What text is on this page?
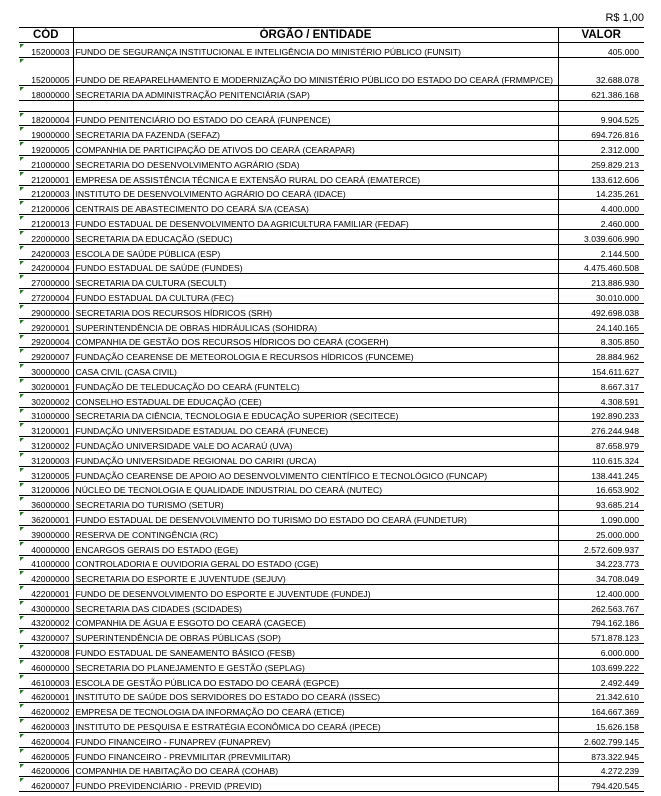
R$ 1,00
CÓD	ÓRGÃO / ENTIDADE	VALOR
15200003	FUNDO DE SEGURANÇA INSTITUCIONAL E INTELIGÊNCIA DO MINISTÉRIO PÚBLICO (FUNSIT)	405.000
15200005	FUNDO DE REAPARELHAMENTO E MODERNIZAÇÃO DO MINISTÉRIO PÚBLICO DO ESTADO DO CEARÁ (FRMMP/CE)	32.688.078
18000000	SECRETARIA DA ADMINISTRAÇÃO PENITENCIÁRIA (SAP)	621.386.168

18200004	FUNDO PENITENCIÁRIO DO ESTADO DO CEARÁ (FUNPENCE)	9.904.525
19000000	SECRETARIA DA FAZENDA (SEFAZ)	694.726.816
19200005	COMPANHIA DE PARTICIPAÇÃO DE ATIVOS DO CEARÁ (CEARAPAR)	2.312.000
21000000	SECRETARIA DO DESENVOLVIMENTO AGRÁRIO (SDA)	259.829.213
21200001	EMPRESA DE ASSISTÊNCIA TÉCNICA E EXTENSÃO RURAL DO CEARÁ (EMATERCE)	133.612.606
21200003	INSTITUTO DE DESENVOLVIMENTO AGRÁRIO DO CEARÁ (IDACE)	14.235.261
21200006	CENTRAIS DE ABASTECIMENTO DO CEARÁ S/A (CEASA)	4.400.000
21200013	FUNDO ESTADUAL DE DESENVOLVIMENTO DA AGRICULTURA FAMILIAR (FEDAF)	2.460.000
22000000	SECRETARIA DA EDUCAÇÃO (SEDUC)	3.039.606.990
24200003	ESCOLA DE SAÚDE PÚBLICA (ESP)	2.144.500
24200004	FUNDO ESTADUAL DE SAÚDE (FUNDES)	4.475.460.508
27000000	SECRETARIA DA CULTURA (SECULT)	213.886.930
27200004	FUNDO ESTADUAL DA CULTURA (FEC)	30.010.000
29000000	SECRETARIA DOS RECURSOS HÍDRICOS (SRH)	492.698.038
29200001	SUPERINTENDÊNCIA DE OBRAS HIDRÁULICAS (SOHIDRA)	24.140.165
29200004	COMPANHIA DE GESTÃO DOS RECURSOS HÍDRICOS DO CEARÁ (COGERH)	8.305.850
29200007	FUNDAÇÃO CEARENSE DE METEOROLOGIA E RECURSOS HÍDRICOS (FUNCEME)	28.884.962
30000000	CASA CIVIL (CASA CIVIL)	154.611.627
30200001	FUNDAÇÃO DE TELEDUCAÇÃO DO CEARÁ (FUNTELC)	8.667.317
30200002	CONSELHO ESTADUAL DE EDUCAÇÃO (CEE)	4.308.591
31000000	SECRETARIA DA CIÊNCIA, TECNOLOGIA E EDUCAÇÃO SUPERIOR (SECITECE)	192.890.233
31200001	FUNDAÇÃO UNIVERSIDADE ESTADUAL DO CEARÁ (FUNECE)	276.244.948
31200002	FUNDAÇÃO UNIVERSIDADE VALE DO ACARAÚ (UVA)	87.658.979
31200003	FUNDAÇÃO UNIVERSIDADE REGIONAL DO CARIRI (URCA)	110.615.324
31200005	FUNDAÇÃO CEARENSE DE APOIO AO DESENVOLVIMENTO CIENTÍFICO E TECNOLÓGICO (FUNCAP)	138.441.245
31200006	NÚCLEO DE TECNOLOGIA E QUALIDADE INDUSTRIAL DO CEARÁ (NUTEC)	16.653.902
36000000	SECRETARIA DO TURISMO (SETUR)	93.685.214
36200001	FUNDO ESTADUAL DE DESENVOLVIMENTO DO TURISMO DO ESTADO DO CEARÁ (FUNDETUR)	1.090.000
39000000	RESERVA DE CONTINGÊNCIA (RC)	25.000.000
40000000	ENCARGOS GERAIS DO ESTADO (EGE)	2.572.609.937
41000000	CONTROLADORIA E OUVIDORIA GERAL DO ESTADO (CGE)	34.223.773
42000000	SECRETARIA DO ESPORTE E JUVENTUDE (SEJUV)	34.708.049
42200001	FUNDO DE DESENVOLVIMENTO DO ESPORTE E JUVENTUDE (FUNDEJ)	12.400.000
43000000	SECRETARIA DAS CIDADES (SCIDADES)	262.563.767
43200002	COMPANHIA DE ÁGUA E ESGOTO DO CEARÁ (CAGECE)	794.162.186
43200007	SUPERINTENDÊNCIA DE OBRAS PÚBLICAS (SOP)	571.878.123
43200008	FUNDO ESTADUAL DE SANEAMENTO BÁSICO (FESB)	6.000.000
46000000	SECRETARIA DO PLANEJAMENTO E GESTÃO (SEPLAG)	103.699.222
46100003	ESCOLA DE GESTÃO PÚBLICA DO ESTADO DO CEARÁ (EGPCE)	2.492.449
46200001	INSTITUTO DE SAÚDE DOS SERVIDORES DO ESTADO DO CEARÁ (ISSEC)	21.342.610
46200002	EMPRESA DE TECNOLOGIA DA INFORMAÇÃO DO CEARÁ (ETICE)	164.667.369
46200003	INSTITUTO DE PESQUISA E ESTRATÉGIA ECONÔMICA DO CEARÁ (IPECE)	15.626.158
46200004	FUNDO FINANCEIRO - FUNAPREV (FUNAPREV)	2.602.799.145
46200005	FUNDO FINANCEIRO - PREVMILITAR (PREVMILITAR)	873.322.945
46200006	COMPANHIA DE HABITAÇÃO DO CEARÁ (COHAB)	4.272.239
46200007	FUNDO PREVIDENCIÁRIO - PREVID (PREVID)	794.420.545
